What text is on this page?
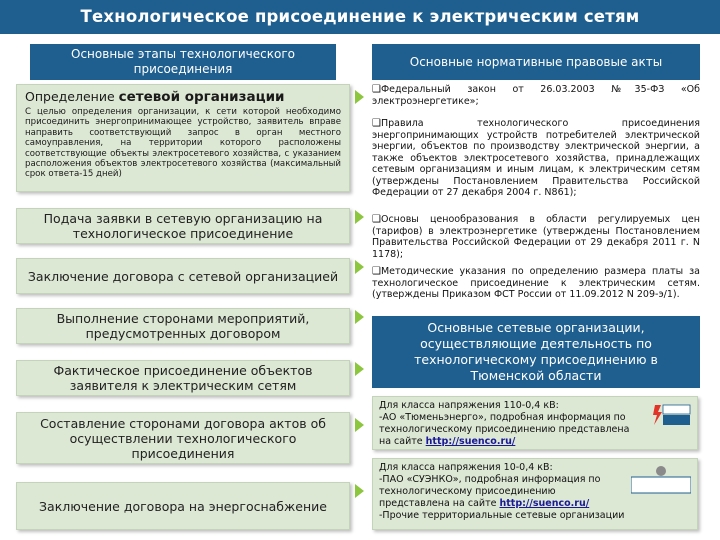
Технологическое присоединение к электрическим сетям
Основные этапы технологического присоединения
Определение сетевой организации
С целью определения организации, к сети которой необходимо присоединить энергопринимающее устройство, заявитель вправе направить соответствующий запрос в орган местного самоуправления, на территории которого расположены соответствующие объекты электросетевого хозяйства, с указанием расположения объектов электросетевого хозяйства (максимальный срок ответа-15 дней)
Подача заявки в сетевую организацию на технологическое присоединение
Заключение договора с сетевой организацией
Выполнение сторонами мероприятий, предусмотренных договором
Фактическое присоединение объектов заявителя к электрическим сетям
Составление сторонами договора актов об осуществлении технологического присоединения
Заключение договора на энергоснабжение
Основные нормативные правовые акты
❑Федеральный закон от 26.03.2003 №35-ФЗ «Об электроэнергетике»;
❑Правила технологического присоединения энергопринимающих устройств потребителей электрической энергии, объектов по производству электрической энергии, а также объектов электросетевого хозяйства, принадлежащих сетевым организациям и иным лицам, к электрическим сетям (утверждены Постановлением Правительства Российской Федерации от 27 декабря 2004 г. N861);
❑Основы ценообразования в области регулируемых цен (тарифов) в электроэнергетике (утверждены Постановлением Правительства Российской Федерации от 29 декабря 2011 г. N 1178);
❑Методические указания по определению размера платы за технологическое присоединение к электрическим сетям. (утверждены Приказом ФСТ России от 11.09.2012 N 209-э/1).
Основные сетевые организации, осуществляющие деятельность по технологическому присоединению в Тюменской области
Для класса напряжения 110-0,4 кВ:
-АО «Тюменьэнерго», подробная информация по технологическому присоединению представлена на сайте http://suenco.ru/
Для класса напряжения 10-0,4 кВ:
-ПАО «СУЭНКО», подробная информация по технологическому присоединению представлена на сайте http://suenco.ru/
-Прочие территориальные сетевые организации
